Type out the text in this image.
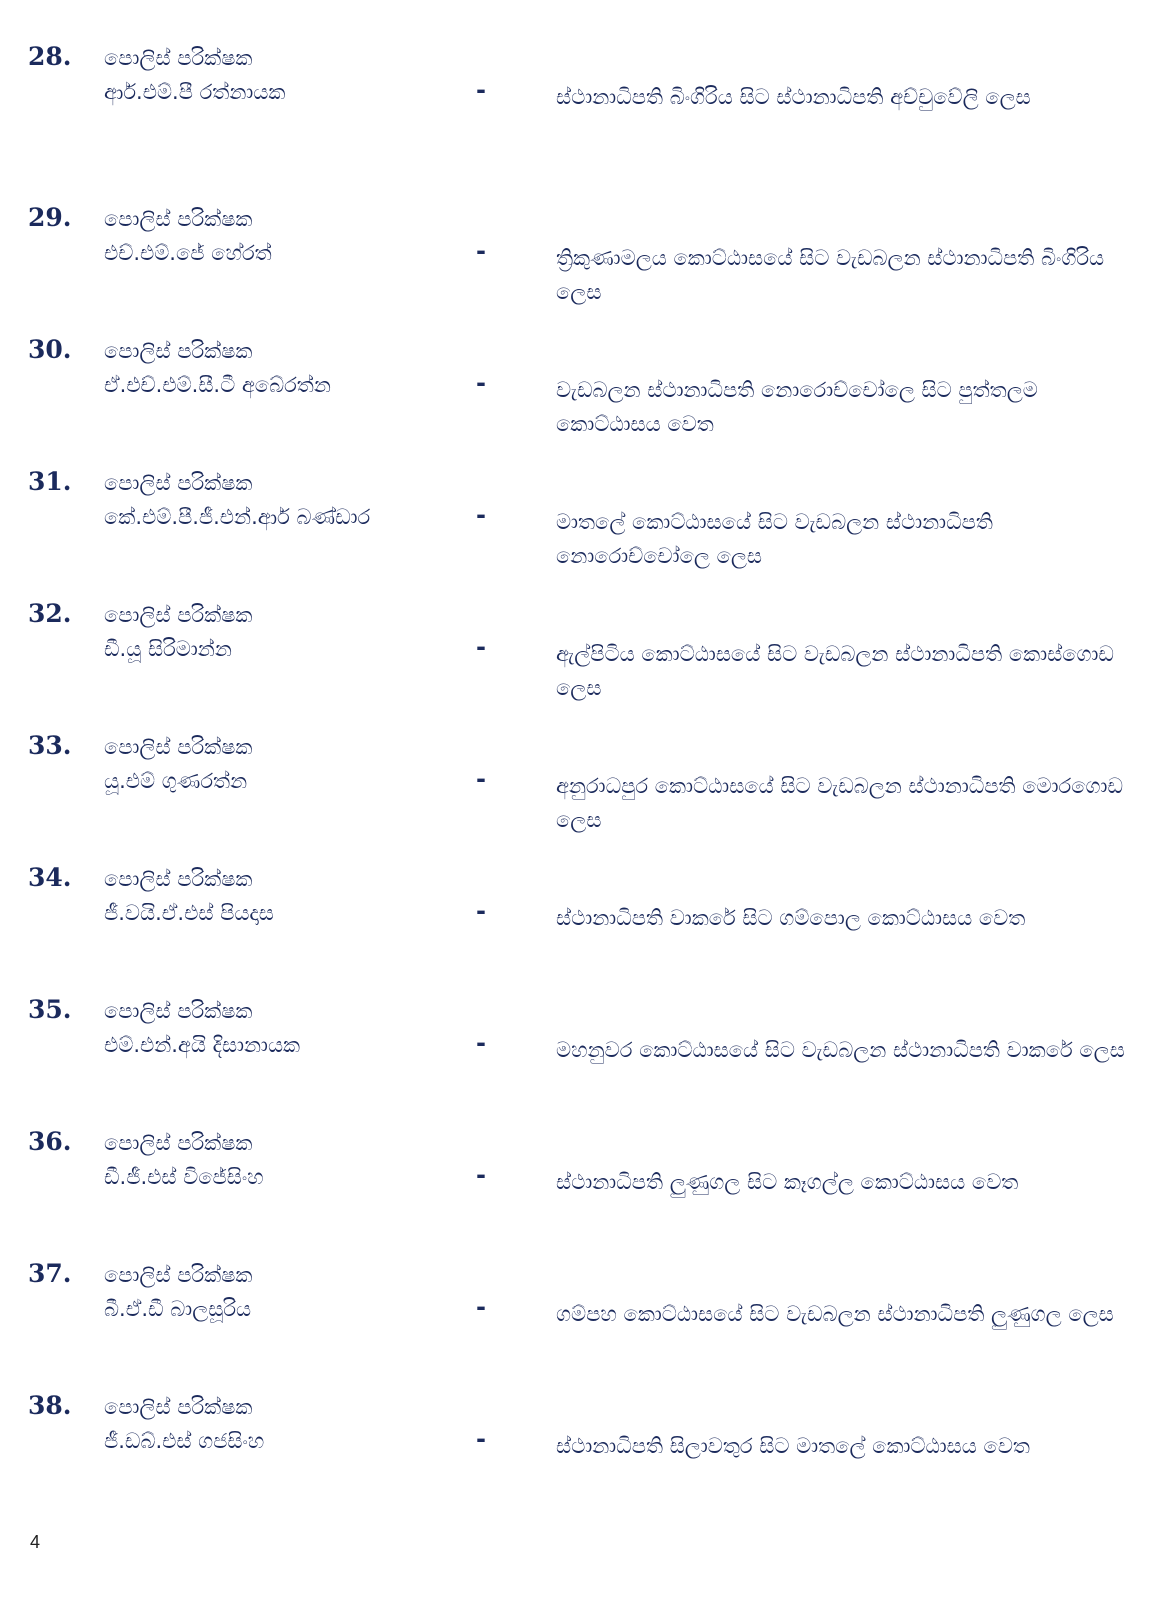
28. පොලිස් පරික්ෂක
ආර්.එම්.පී රත්නායක	-	ස්ථානාධිපති බිංගිරිය සිට ස්ථානාධිපති අච්චුවේලි ලෙස
29. පොලිස් පරික්ෂක
එච්.එම්.ජේ හේරත්	-	ත්‍රිකුණාමලය කොට්ඨාසයේ සිට වැඩබලන ස්ථානාධිපති බිංගිරිය ලෙස
30. පොලිස් පරික්ෂක
ඒ.එච්.එම්.සී.ටී අබේරත්න	-	වැඩබලන ස්ථානාධිපති නොරොච්චෝලෙ සිට පුත්තලම කොට්ඨාසය වෙත
31. පොලිස් පරික්ෂක
කේ.එම්.පී.ජී.එන්.ආර් බණ්ඩාර	-	මාතලේ කොට්ඨාසයේ සිට වැඩබලන ස්ථානාධිපති නොරොච්චෝලෙ ලෙස
32. පොලිස් පරික්ෂක
ඩී.යූ සිරිමාන්න	-	ඇල්පිටිය කොට්ඨාසයේ සිට වැඩබලන ස්ථානාධිපති කොස්ගොඩ ලෙස
33. පොලිස් පරික්ෂක
යූ.එම් ගුණරත්න	-	අනුරාධපුර කොට්ඨාසයේ සිට වැඩබලන ස්ථානාධිපති මොරගොඩ ලෙස
34. පොලිස් පරික්ෂක
ජී.වයි.ඒ.එස් පියදාස	-	ස්ථානාධිපති වාකරේ සිට ගම්පොල කොට්ඨාසය වෙත
35. පොලිස් පරික්ෂක
එම්.එන්.අයි දිසානායක	-	මහනුවර කොට්ඨාසයේ සිට වැඩබලන ස්ථානාධිපති වාකරේ ලෙස
36. පොලිස් පරික්ෂක
ඩී.ජී.එස් විජේසිංහ	-	ස්ථානාධිපති ලුණුගල සිට කෑගල්ල කොට්ඨාසය වෙත
37. පොලිස් පරික්ෂක
බී.ඒ.ඩී බාලසූරිය	-	ගම්පහ කොට්ඨාසයේ සිට වැඩබලන ස්ථානාධිපති ලුණුගල ලෙස
38. පොලිස් පරික්ෂක
ජී.ඩබ්.එස් ගජසිංහ	-	ස්ථානාධිපති සිලාවතුර සිට මාතලේ කොට්ඨාසය වෙත
4
